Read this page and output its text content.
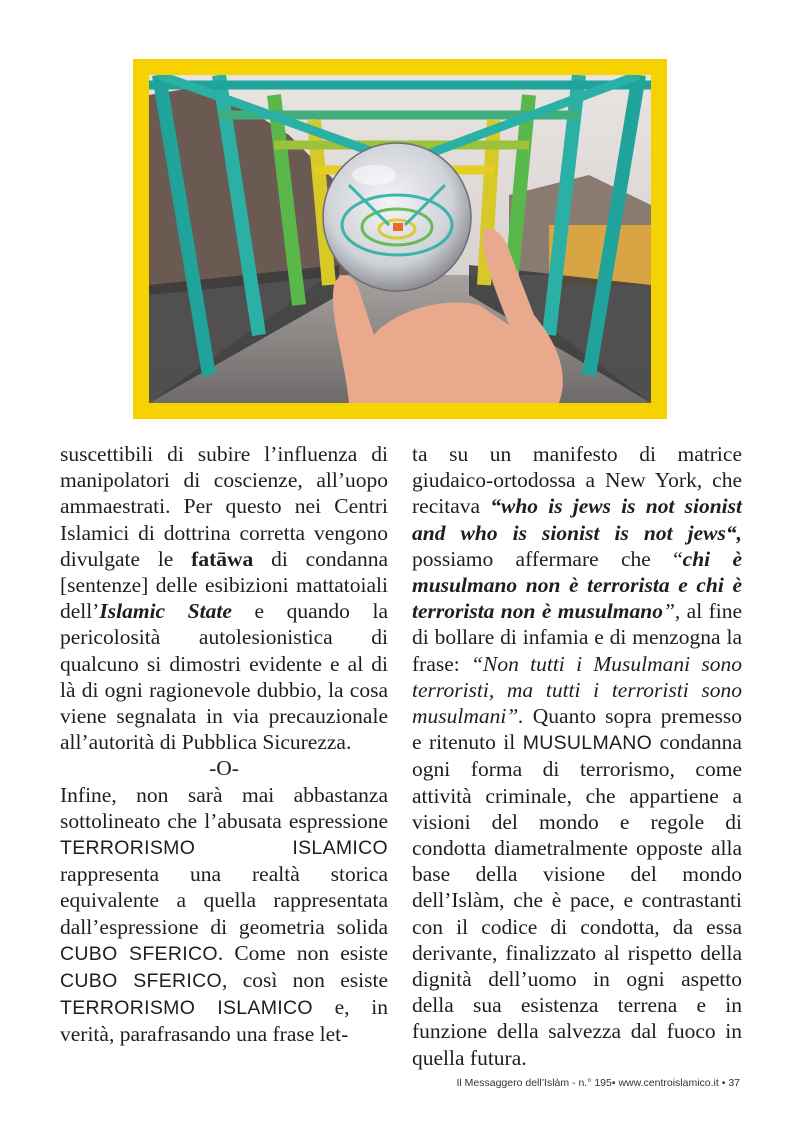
suscettibili di subire l’influenza di manipolatori di coscienze, all’uopo ammaestrati. Per questo nei Centri Islamici di dottrina corretta vengono divulgate le fatāwa di condanna [sentenze] delle esibizioni mattatoiali dell’Islamic State e quando la pericolosità autolesionistica di qualcuno si dimostri evidente e al di là di ogni ragionevole dubbio, la cosa viene segnalata in via precauzionale all’autorità di Pubblica Sicurezza.

-O-

Infine, non sarà mai abbastanza sottolineato che l’abusata espressione TERRORISMO ISLAMICO rappresenta una realtà storica equivalente a quella rappresentata dall’espressione di geometria solida CUBO SFERICO. Come non esiste CUBO SFERICO, così non esiste TERRORISMO ISLAMICO e, in verità, parafrasando una frase let-

ta su un manifesto di matrice giudaico-ortodossa a New York, che recitava “who is jews is not sionist and who is sionist is not jews“, possiamo affermare che “chi è musulmano non è terrorista e chi è terrorista non è musulmano”, al fine di bollare di infamia e di menzogna la frase: “Non tutti i Musulmani sono terroristi, ma tutti i terroristi sono musulmani”. Quanto sopra premesso e ritenuto il MUSULMANO condanna ogni forma di terrorismo, come attività criminale, che appartiene a visioni del mondo e regole di condotta diametralmente opposte alla base della visione del mondo dell’Islàm, che è pace, e contrastanti con il codice di condotta, da essa derivante, finalizzato al rispetto della dignità dell’uomo in ogni aspetto della sua esistenza terrena e in funzione della salvezza dal fuoco in quella futura.

Il Messaggero dell’Islàm - n.° 195• www.centroislamico.it • 37
